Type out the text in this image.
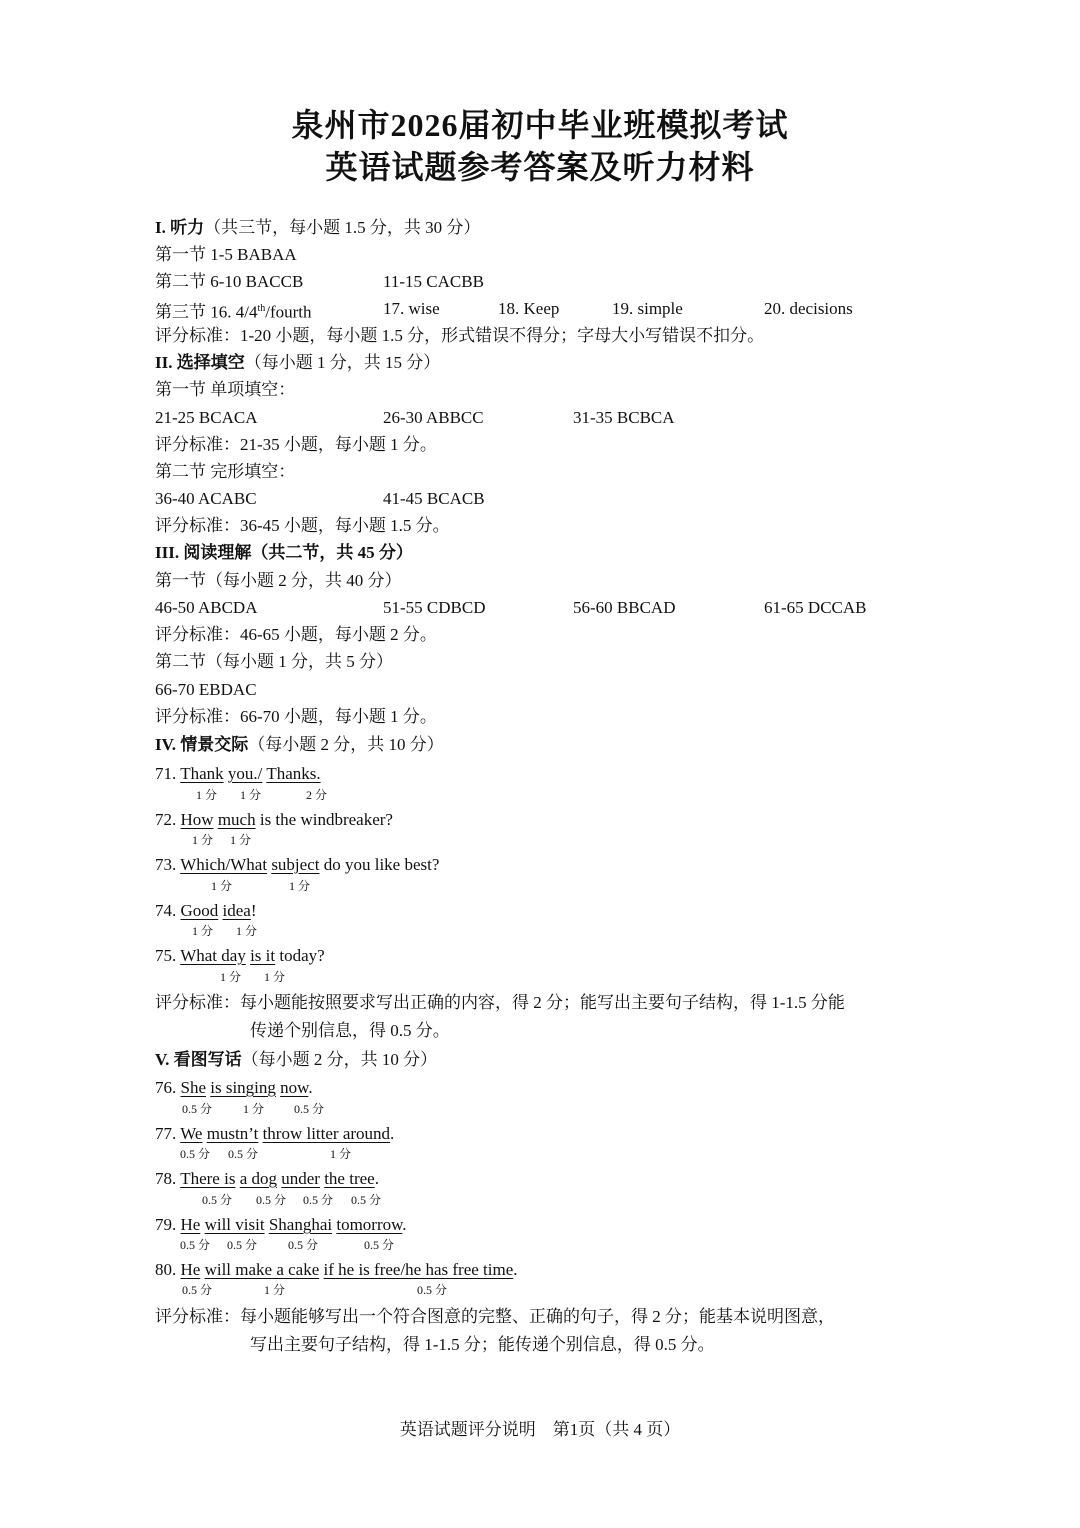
泉州市2026届初中毕业班模拟考试
英语试题参考答案及听力材料
I. 听力（共三节，每小题 1.5 分，共 30 分）
第一节 1-5 BABAA
第二节 6-10 BACCB	11-15 CACBB
第三节 16. 4/4th/fourth	17. wise	18. Keep	19. simple	20. decisions
评分标准：1-20 小题，每小题 1.5 分，形式错误不得分；字母大小写错误不扣分。
II. 选择填空（每小题 1 分，共 15 分）
第一节 单项填空：
21-25 BCACA	26-30 ABBCC	31-35 BCBCA
评分标准：21-35 小题，每小题 1 分。
第二节 完形填空：
36-40 ACABC	41-45 BCACB
评分标准：36-45 小题，每小题 1.5 分。
III. 阅读理解（共二节，共 45 分）
第一节（每小题 2 分，共 40 分）
46-50 ABCDA	51-55 CDBCD	56-60 BBCAD	61-65 DCCAB
评分标准：46-65 小题，每小题 2 分。
第二节（每小题 1 分，共 5 分）
66-70 EBDAC
评分标准：66-70 小题，每小题 1 分。
IV. 情景交际（每小题 2 分，共 10 分）
71. Thank you./ Thanks.
1 分 1 分	2 分
72. How much is the windbreaker?
1 分 1 分
73. Which/What subject do you like best?
1 分	1 分
74. Good idea!
1 分 1 分
75. What day is it today?
1 分 1 分
评分标准：每小题能按照要求写出正确的内容，得 2 分；能写出主要句子结构，得 1-1.5 分能
传递个别信息，得 0.5 分。
V. 看图写话（每小题 2 分，共 10 分）
76. She is singing now.
0.5 分	1 分 0.5 分
77. We mustn’t throw litter around.
0.5 分 0.5 分	1 分
78. There is a dog under the tree.
0.5 分 0.5 分 0.5 分 0.5 分
79. He will visit Shanghai tomorrow.
0.5 分 0.5 分	0.5 分	0.5 分
80. He will make a cake if he is free/he has free time.
0.5 分	1 分	0.5 分
评分标准：每小题能够写出一个符合图意的完整、正确的句子，得 2 分；能基本说明图意，
写出主要句子结构，得 1-1.5 分；能传递个别信息，得 0.5 分。
英语试题评分说明　第1页（共 4 页）
